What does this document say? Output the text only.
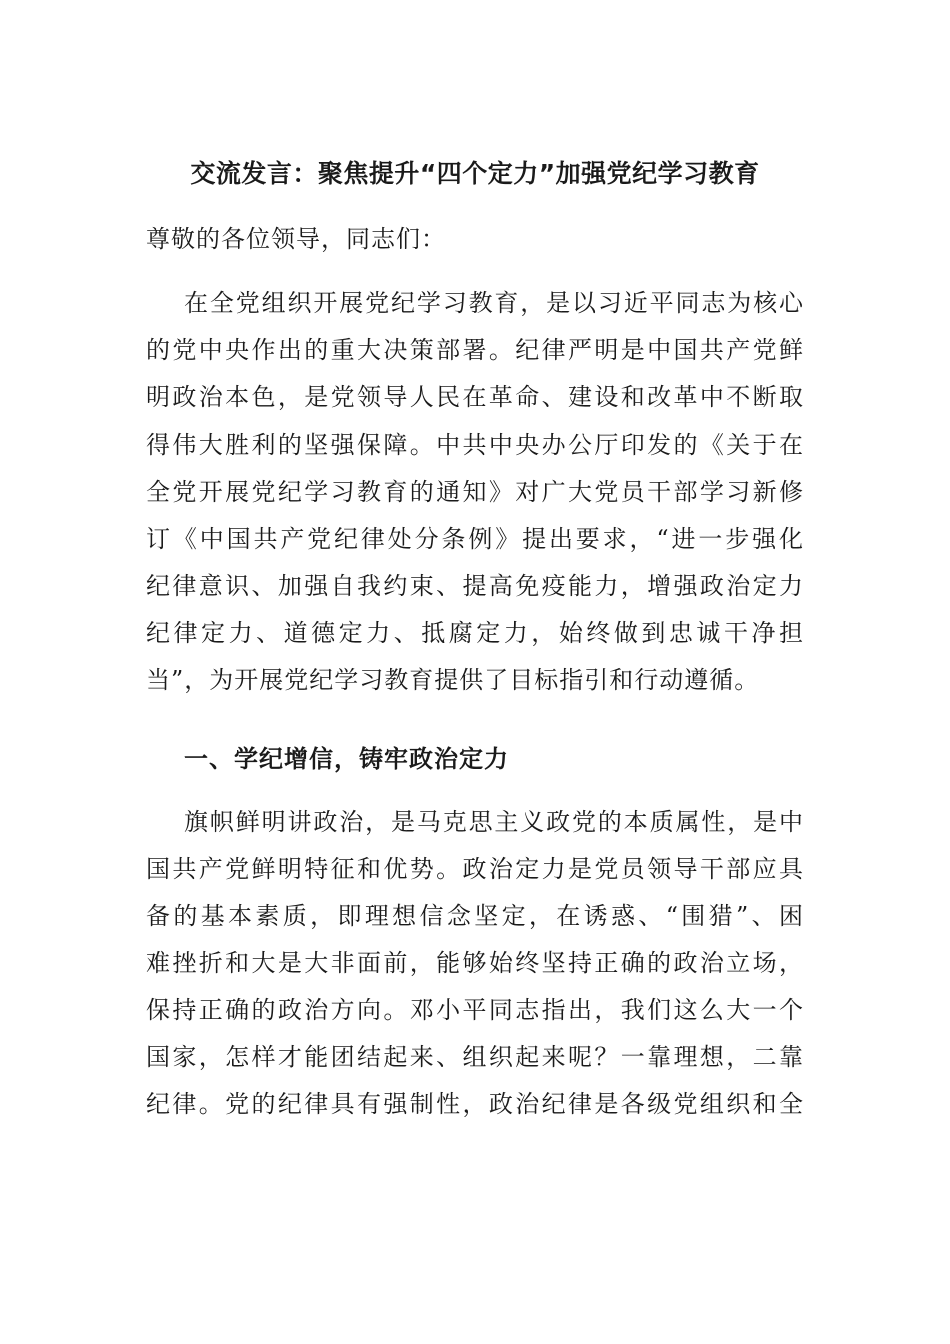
交流发言：聚焦提升“四个定力”加强党纪学习教育
尊敬的各位领导，同志们：
在全党组织开展党纪学习教育，是以习近平同志为核心
的党中央作出的重大决策部署。纪律严明是中国共产党鲜
明政治本色，是党领导人民在革命、建设和改革中不断取
得伟大胜利的坚强保障。中共中央办公厅印发的《关于在
全党开展党纪学习教育的通知》对广大党员干部学习新修
订《中国共产党纪律处分条例》提出要求，“进一步强化
纪律意识、加强自我约束、提高免疫能力，增强政治定力
纪律定力、道德定力、抵腐定力，始终做到忠诚干净担
当”，为开展党纪学习教育提供了目标指引和行动遵循。
一、学纪增信，铸牢政治定力
旗帜鲜明讲政治，是马克思主义政党的本质属性，是中
国共产党鲜明特征和优势。政治定力是党员领导干部应具
备的基本素质，即理想信念坚定，在诱惑、“围猎”、困
难挫折和大是大非面前，能够始终坚持正确的政治立场，
保持正确的政治方向。邓小平同志指出，我们这么大一个
国家，怎样才能团结起来、组织起来呢？一靠理想，二靠
纪律。党的纪律具有强制性，政治纪律是各级党组织和全
